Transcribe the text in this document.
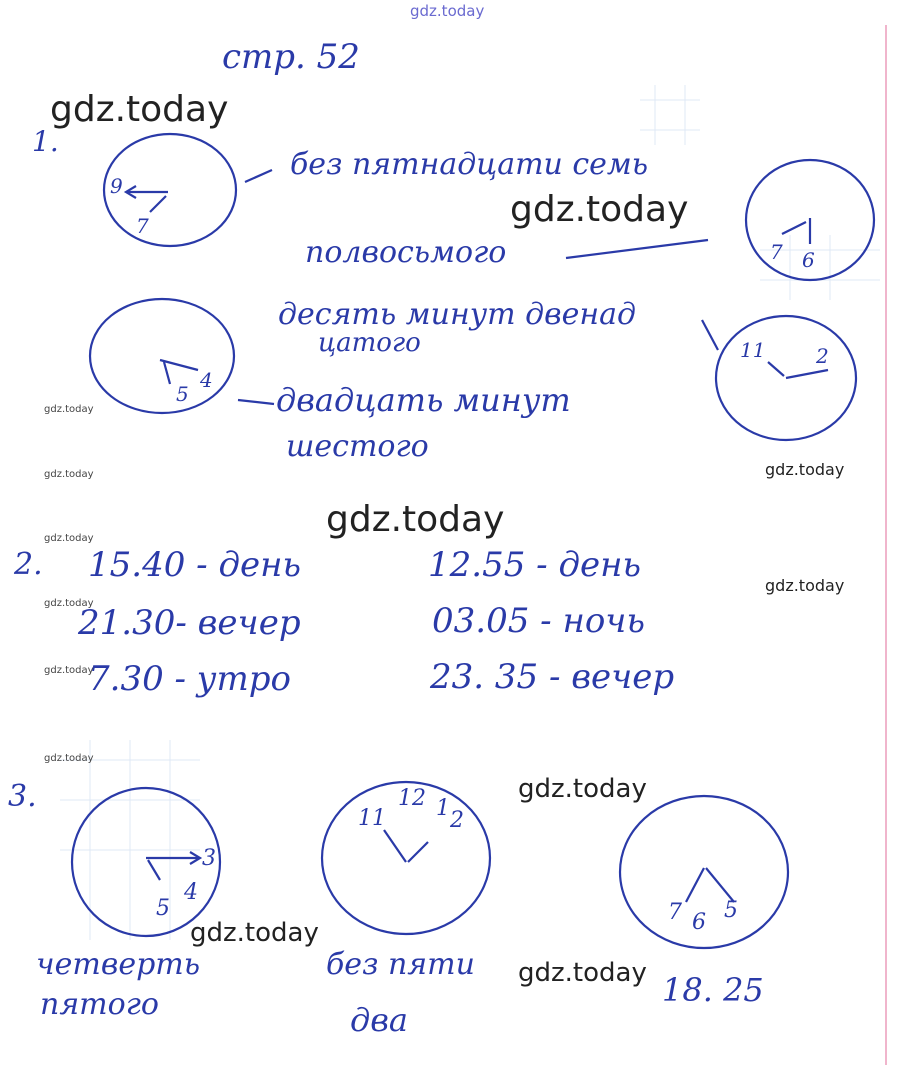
gdz.today
gdz.today
gdz.today
gdz.today
gdz.today
gdz.today
gdz.today
gdz.today
gdz.today
gdz.today
gdz.today
gdz.today
gdz.today
gdz.today
gdz.today
стр. 52
1.
9
7
7 6
4
5
11	2
без пятнадцати семь
полвосьмого
десять минут двенад
цатого
двадцать минут
шестого
2. 15.40 - день
21.30- вечер
7.30 - утро
12.55 - день
03.05 - ночь
23. 35 - вечер
3.
3
4
5
11
12 1 2
7 6 5
четверть
пятого
без пяти
два
18. 25
